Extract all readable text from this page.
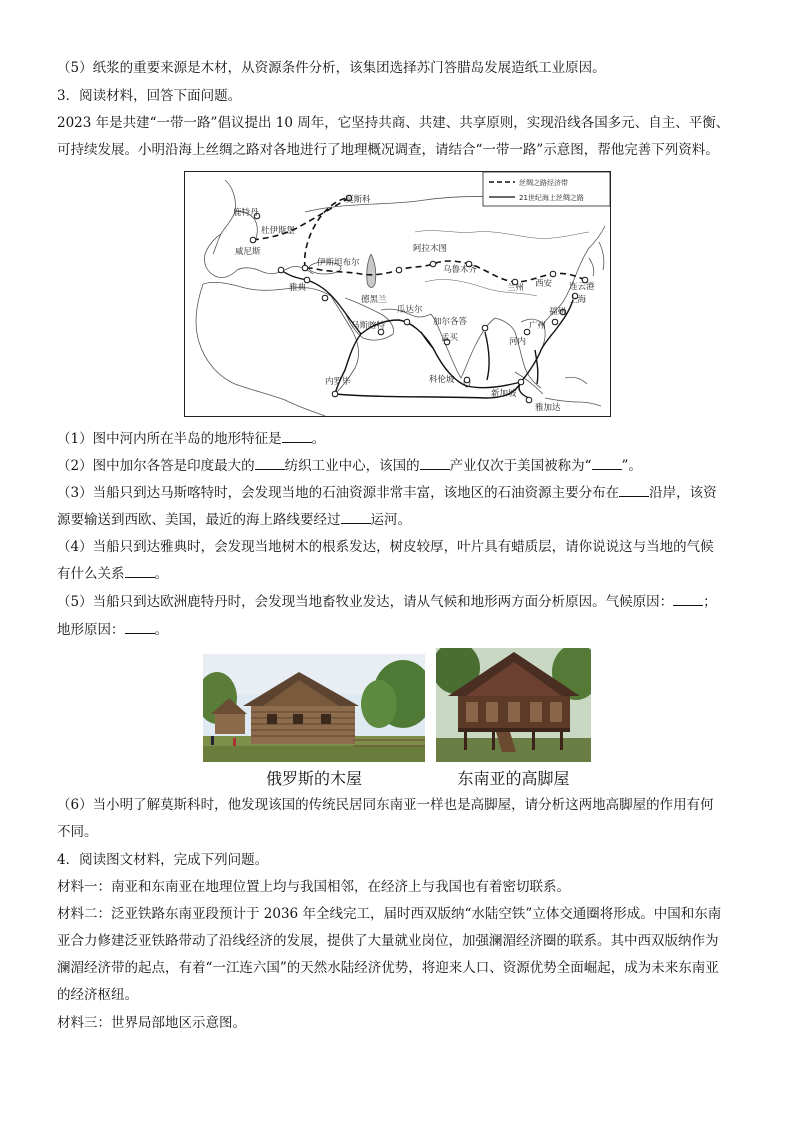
（5）纸浆的重要来源是木材，从资源条件分析，该集团选择苏门答腊岛发展造纸工业原因。
3．阅读材料，回答下面问题。
2023 年是共建“一带一路”倡议提出 10 周年，它坚持共商、共建、共享原则，实现沿线各国多元、自主、平衡、
可持续发展。小明沿海上丝绸之路对各地进行了地理概况调查，请结合“一带一路”示意图，帮他完善下列资料。
丝绸之路经济带
21世纪海上丝绸之路
莫斯科
鹿特丹
杜伊斯堡
威尼斯
伊斯坦布尔
雅典
阿拉木图
乌鲁木齐
德黑兰
兰州 西安 连云港
上海
福州
广州
瓜达尔
马斯喀特	加尔各答
孟买	河内
科伦坡
新加坡
雅加达
内罗毕
（1）图中河内所在半岛的地形特征是 。
（2）图中加尔各答是印度最大的 纺织工业中心，该国的 产业仅次于美国被称为“ ”。
（3）当船只到达马斯喀特时，会发现当地的石油资源非常丰富，该地区的石油资源主要分布在 沿岸，该资
源要输送到西欧、美国，最近的海上路线要经过 运河。
（4）当船只到达雅典时，会发现当地树木的根系发达，树皮较厚，叶片具有蜡质层，请你说说这与当地的气候
有什么关系 。
（5）当船只到达欧洲鹿特丹时，会发现当地畜牧业发达，请从气候和地形两方面分析原因。气候原因： ；
地形原因： 。
俄罗斯的木屋	东南亚的高脚屋
（6）当小明了解莫斯科时，他发现该国的传统民居同东南亚一样也是高脚屋，请分析这两地高脚屋的作用有何
不同。
4．阅读图文材料，完成下列问题。
材料一：南亚和东南亚在地理位置上均与我国相邻，在经济上与我国也有着密切联系。
材料二：泛亚铁路东南亚段预计于 2036 年全线完工，届时西双版纳“水陆空铁”立体交通圈将形成。中国和东南
亚合力修建泛亚铁路带动了沿线经济的发展，提供了大量就业岗位，加强澜湄经济圈的联系。其中西双版纳作为
澜湄经济带的起点，有着“一江连六国”的天然水陆经济优势，将迎来人口、资源优势全面崛起，成为未来东南亚
的经济枢纽。
材料三：世界局部地区示意图。
